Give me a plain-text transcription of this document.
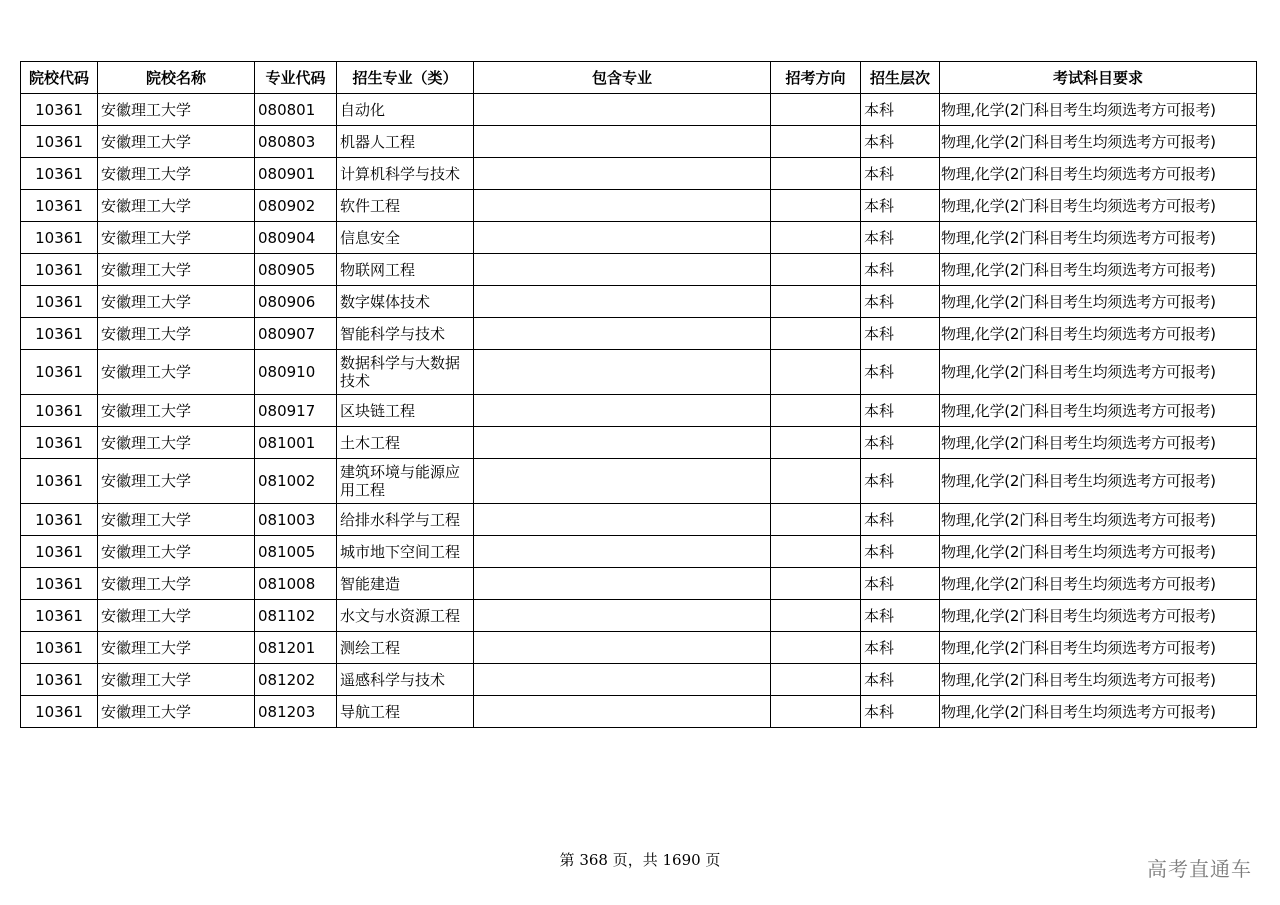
院校代码	院校名称	专业代码	招生专业（类）	包含专业	招考方向	招生层次	考试科目要求
10361	安徽理工大学	080801	自动化			本科	物理,化学(2门科目考生均须选考方可报考)
10361	安徽理工大学	080803	机器人工程			本科	物理,化学(2门科目考生均须选考方可报考)
10361	安徽理工大学	080901	计算机科学与技术			本科	物理,化学(2门科目考生均须选考方可报考)
10361	安徽理工大学	080902	软件工程			本科	物理,化学(2门科目考生均须选考方可报考)
10361	安徽理工大学	080904	信息安全			本科	物理,化学(2门科目考生均须选考方可报考)
10361	安徽理工大学	080905	物联网工程			本科	物理,化学(2门科目考生均须选考方可报考)
10361	安徽理工大学	080906	数字媒体技术			本科	物理,化学(2门科目考生均须选考方可报考)
10361	安徽理工大学	080907	智能科学与技术			本科	物理,化学(2门科目考生均须选考方可报考)
10361	安徽理工大学	080910	数据科学与大数据技术			本科	物理,化学(2门科目考生均须选考方可报考)
10361	安徽理工大学	080917	区块链工程			本科	物理,化学(2门科目考生均须选考方可报考)
10361	安徽理工大学	081001	土木工程			本科	物理,化学(2门科目考生均须选考方可报考)
10361	安徽理工大学	081002	建筑环境与能源应用工程			本科	物理,化学(2门科目考生均须选考方可报考)
10361	安徽理工大学	081003	给排水科学与工程			本科	物理,化学(2门科目考生均须选考方可报考)
10361	安徽理工大学	081005	城市地下空间工程			本科	物理,化学(2门科目考生均须选考方可报考)
10361	安徽理工大学	081008	智能建造			本科	物理,化学(2门科目考生均须选考方可报考)
10361	安徽理工大学	081102	水文与水资源工程			本科	物理,化学(2门科目考生均须选考方可报考)
10361	安徽理工大学	081201	测绘工程			本科	物理,化学(2门科目考生均须选考方可报考)
10361	安徽理工大学	081202	遥感科学与技术			本科	物理,化学(2门科目考生均须选考方可报考)
10361	安徽理工大学	081203	导航工程			本科	物理,化学(2门科目考生均须选考方可报考)
第 368 页，共 1690 页	高考直通车
